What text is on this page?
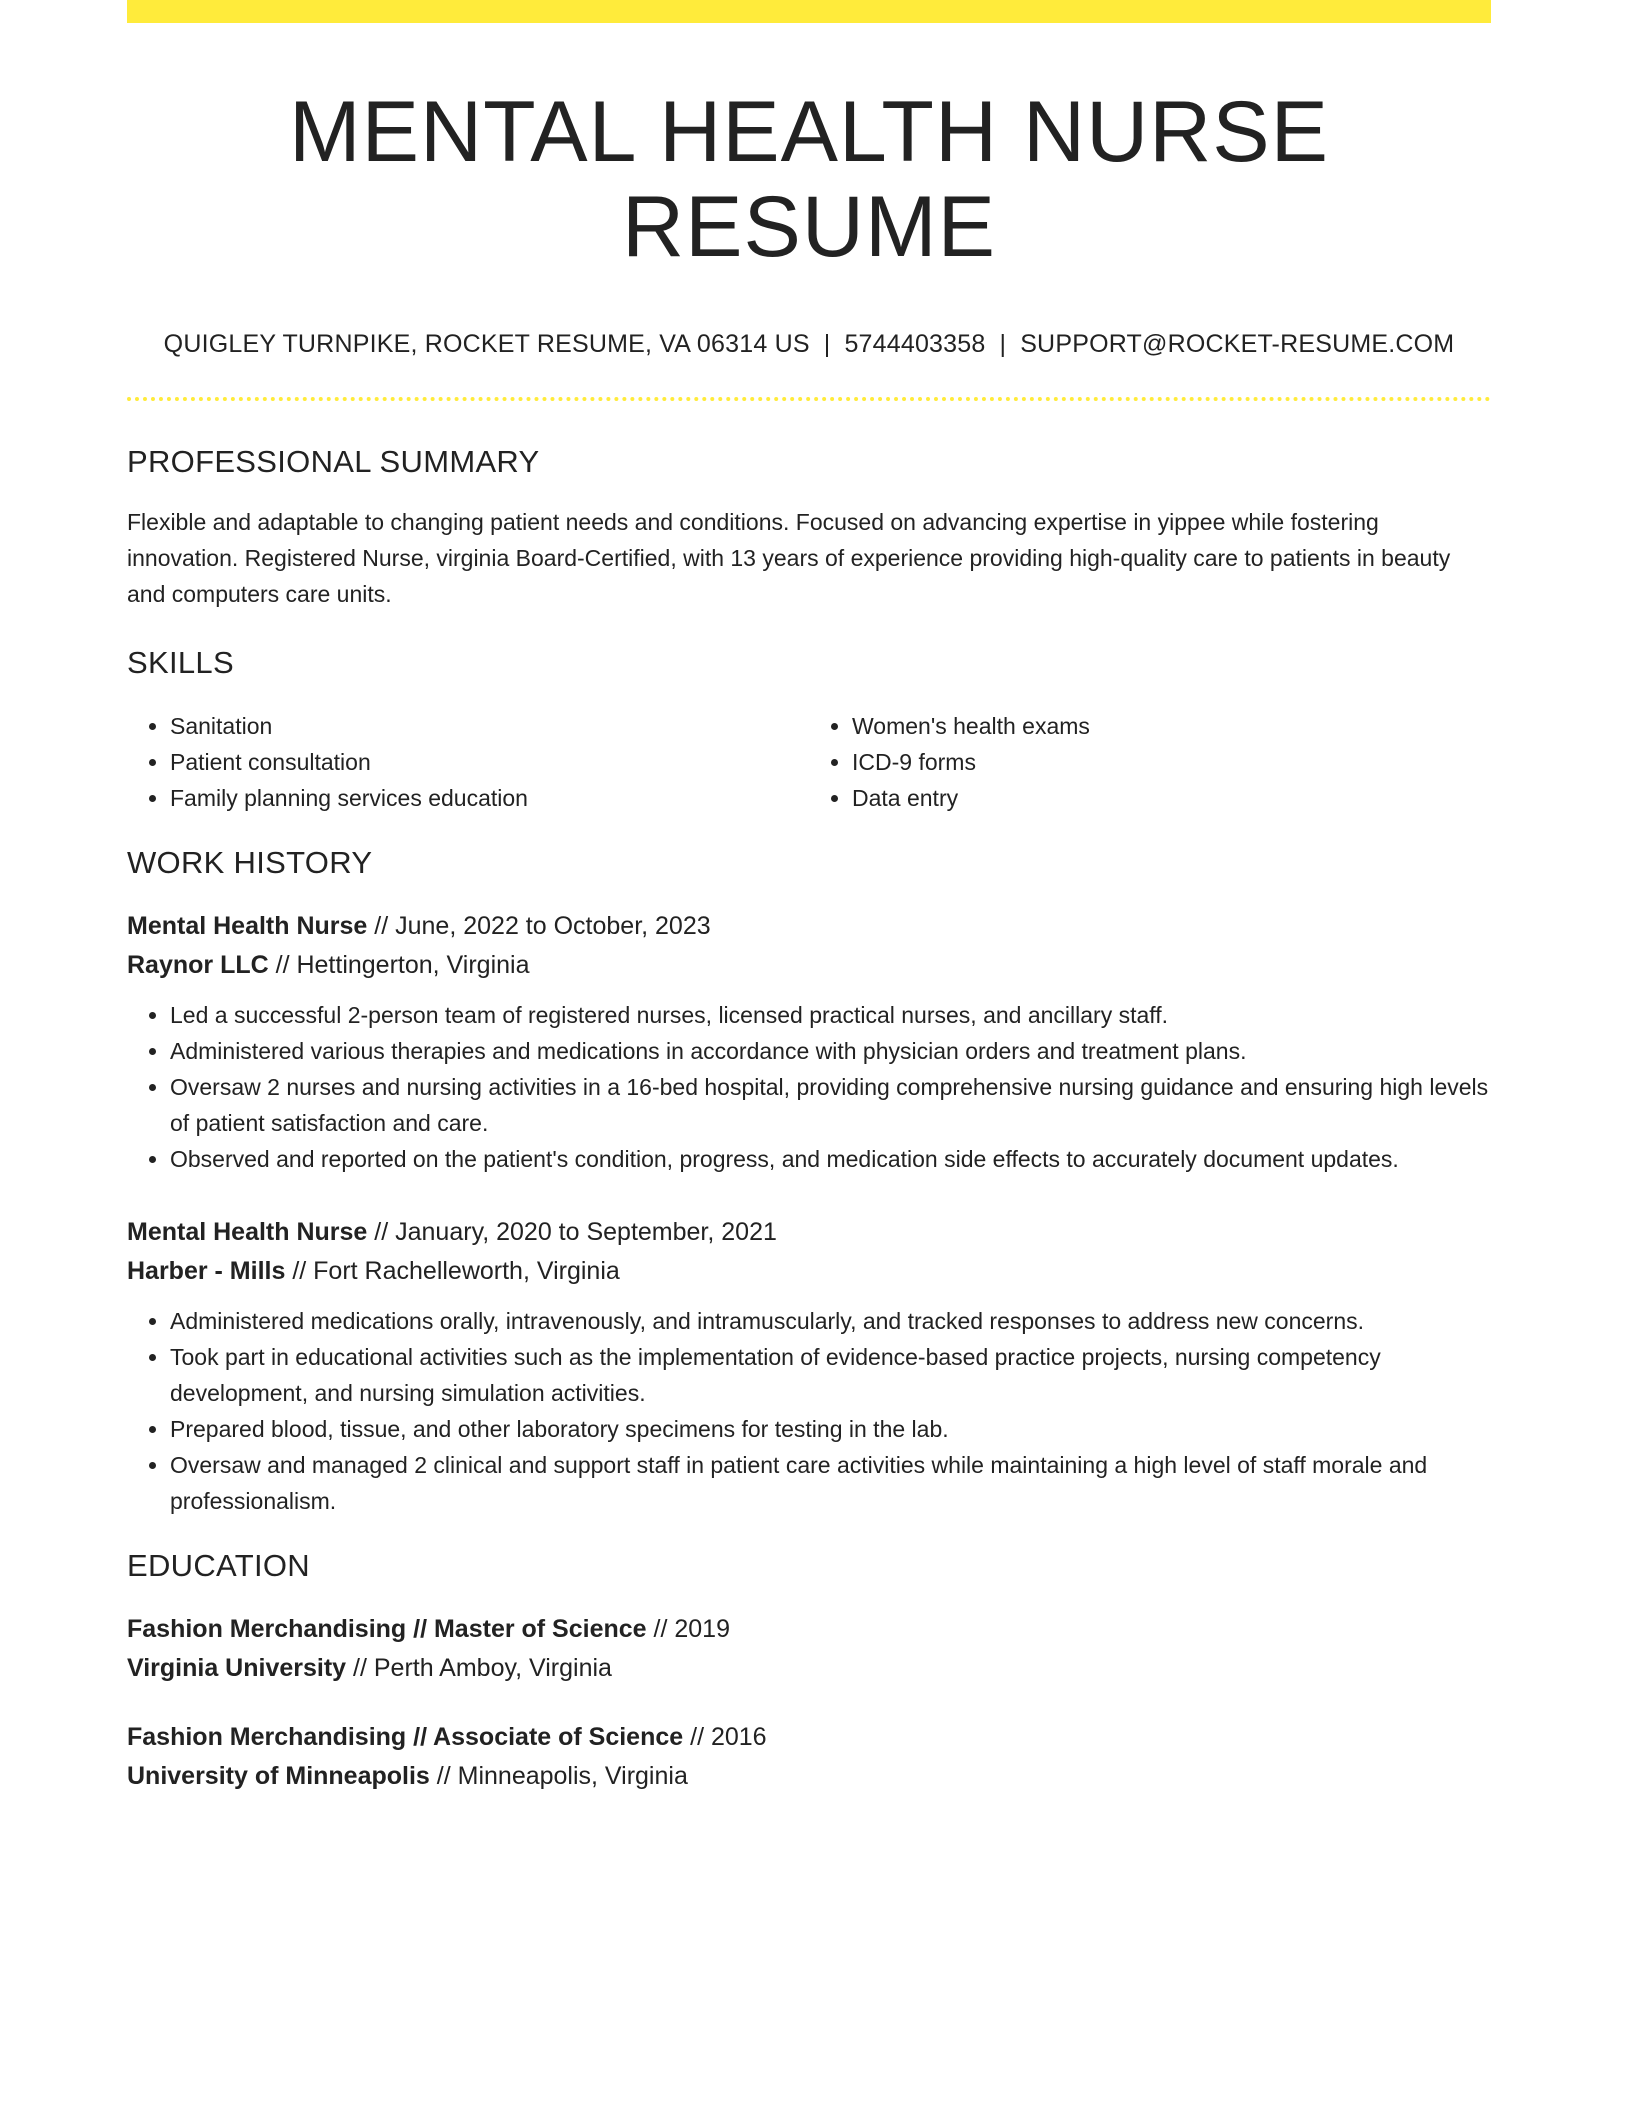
MENTAL HEALTH NURSE RESUME
QUIGLEY TURNPIKE, ROCKET RESUME, VA 06314 US | 5744403358 | SUPPORT@ROCKET-RESUME.COM
PROFESSIONAL SUMMARY
Flexible and adaptable to changing patient needs and conditions. Focused on advancing expertise in yippee while fostering innovation. Registered Nurse, virginia Board-Certified, with 13 years of experience providing high-quality care to patients in beauty and computers care units.
SKILLS
• Sanitation
• Patient consultation
• Family planning services education
• Women's health exams
• ICD-9 forms
• Data entry
WORK HISTORY
Mental Health Nurse // June, 2022 to October, 2023
Raynor LLC // Hettingerton, Virginia
• Led a successful 2-person team of registered nurses, licensed practical nurses, and ancillary staff.
• Administered various therapies and medications in accordance with physician orders and treatment plans.
• Oversaw 2 nurses and nursing activities in a 16-bed hospital, providing comprehensive nursing guidance and ensuring high levels of patient satisfaction and care.
• Observed and reported on the patient's condition, progress, and medication side effects to accurately document updates.
Mental Health Nurse // January, 2020 to September, 2021
Harber - Mills // Fort Rachelleworth, Virginia
• Administered medications orally, intravenously, and intramuscularly, and tracked responses to address new concerns.
• Took part in educational activities such as the implementation of evidence-based practice projects, nursing competency development, and nursing simulation activities.
• Prepared blood, tissue, and other laboratory specimens for testing in the lab.
• Oversaw and managed 2 clinical and support staff in patient care activities while maintaining a high level of staff morale and professionalism.
EDUCATION
Fashion Merchandising // Master of Science // 2019
Virginia University // Perth Amboy, Virginia
Fashion Merchandising // Associate of Science // 2016
University of Minneapolis // Minneapolis, Virginia
